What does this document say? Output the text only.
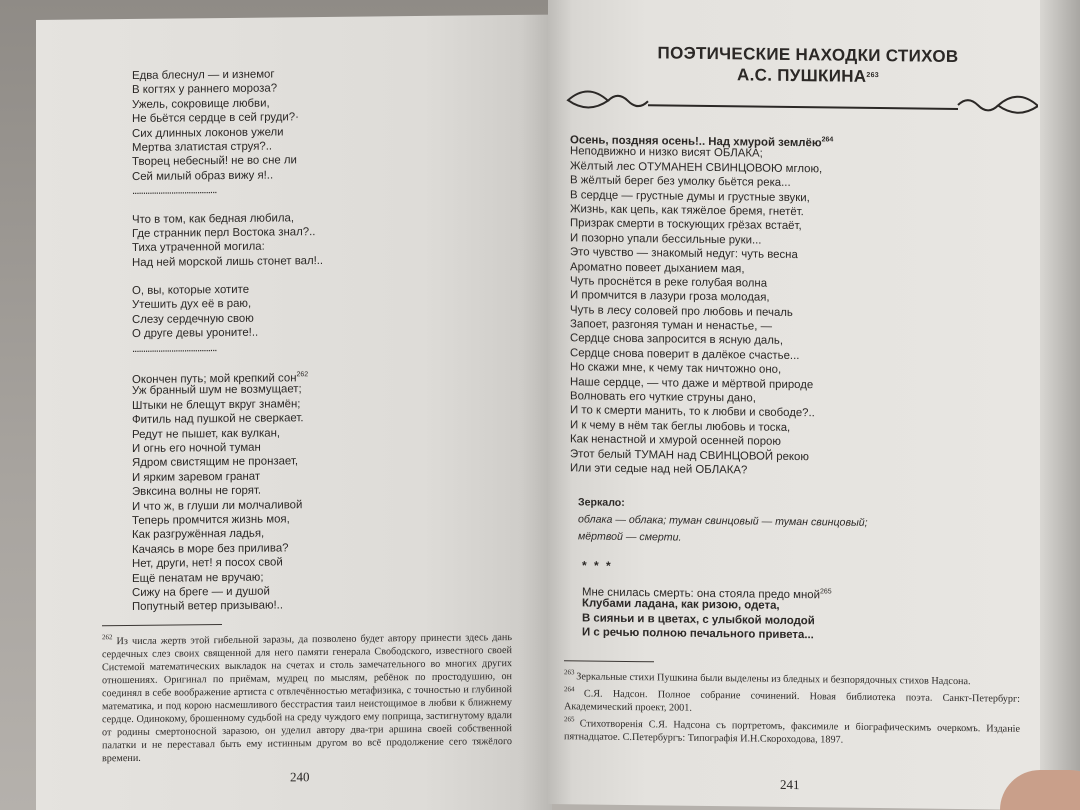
Едва блеснул — и изнемог
В когтях у раннего мороза?
Ужель, сокровище любви,
Не бьётся сердце в сей груди?·
Сих длинных локонов ужели
Мертва златистая струя?..
Творец небесный! не во сне ли
Сей милый образ вижу я!..
.......................................
Что в том, как бедная любила,
Где странник перл Востока знал?..
Тиха утраченной могила:
Над ней морской лишь стонет вал!..
О, вы, которые хотите
Утешить дух её в раю,
Слезу сердечную свою
О друге девы уроните!..
.......................................
Окончен путь; мой крепкий сон$^{262}$
Уж бранный шум не возмущает;
Штыки не блещут вкруг знамён;
Фитиль над пушкой не сверкает.
Редут не пышет, как вулкан,
И огнь его ночной туман
Ядром свистящим не пронзает,
И ярким заревом гранат
Эвксина волны не горят.
И что ж, в глуши ли молчаливой
Теперь промчится жизнь моя,
Как разгружённая ладья,
Качаясь в море без прилива?
Нет, други, нет! я посох свой
Ещё пенатам не вручаю;
Сижу на бреге — и душой
Попутный ветер призываю!..

$^{262}$ Из числа жертв этой гибельной заразы, да позволено будет автору принести здесь дань сердечных слез своих священной для него памяти генерала Свободского, известного своей Системой математических выкладок на счетах и столь замечательного во многих других отношениях. Оригинал по приёмам, мудрец по мыслям, ребёнок по простодушию, он соединял в себе воображение артиста с отвлечённостью метафизика, с точностью и глубиной математика, и под корою насмешливого бесстрастия таил неистощимое в любви к ближнему сердце. Одинокому, брошенному судьбой на среду чуждого ему поприща, застигнутому вдали от родины смертоносной заразою, он уделил автору два-три аршина своей собственной палатки и не переставал быть ему истинным другом во всё продолжение сего тяжёлого времени.

240
ПОЭТИЧЕСКИЕ НАХОДКИ СТИХОВ
А.С. ПУШКИНА$^{263}$
Осень, поздняя осень!.. Над хмурой землёю$^{264}$
Неподвижно и низко висят ОБЛАКА;
Жёлтый лес ОТУМАНЕН СВИНЦОВОЮ мглою,
В жёлтый берег без умолку бьётся река...
В сердце — грустные думы и грустные звуки,
Жизнь, как цепь, как тяжёлое бремя, гнетёт.
Призрак смерти в тоскующих грёзах встаёт,
И позорно упали бессильные руки...
Это чувство — знакомый недуг: чуть весна
Ароматно повеет дыханием мая,
Чуть проснётся в реке голубая волна
И промчится в лазури гроза молодая,
Чуть в лесу соловей про любовь и печаль
Запоет, разгоняя туман и ненастье, —
Сердце снова запросится в ясную даль,
Сердце снова поверит в далёкое счастье...
Но скажи мне, к чему так ничтожно оно,
Наше сердце, — что даже и мёртвой природе
Волновать его чуткие струны дано,
И то к смерти манить, то к любви и свободе?..
И к чему в нём так беглы любовь и тоска,
Как ненастной и хмурой осенней порою
Этот белый ТУМАН над СВИНЦОВОЙ рекою
Или эти седые над ней ОБЛАКА?
Зеркало:
облака — облака; туман свинцовый — туман свинцовый;
мёртвой — смерти.
* * *
Мне снилась смерть: она стояла предо мной$^{265}$
Клубами ладана, как ризою, одета,
В сияньи и в цветах, с улыбкой молодой
И с речью полною печального привета...

$^{263}$ Зеркальные стихи Пушкина были выделены из бледных и безпорядочных стихов Надсона.

$^{264}$ С.Я. Надсон. Полное собрание сочинений. Новая библиотека поэта. Санкт-Петербург: Академический проект, 2001.

$^{265}$ Стихотворенія С.Я. Надсона съ портретомъ, факсимиле и біографическимъ очеркомъ. Изданіе пятнадцатое. С.Петербургъ: Типографія И.Н.Скороходова, 1897.

241
